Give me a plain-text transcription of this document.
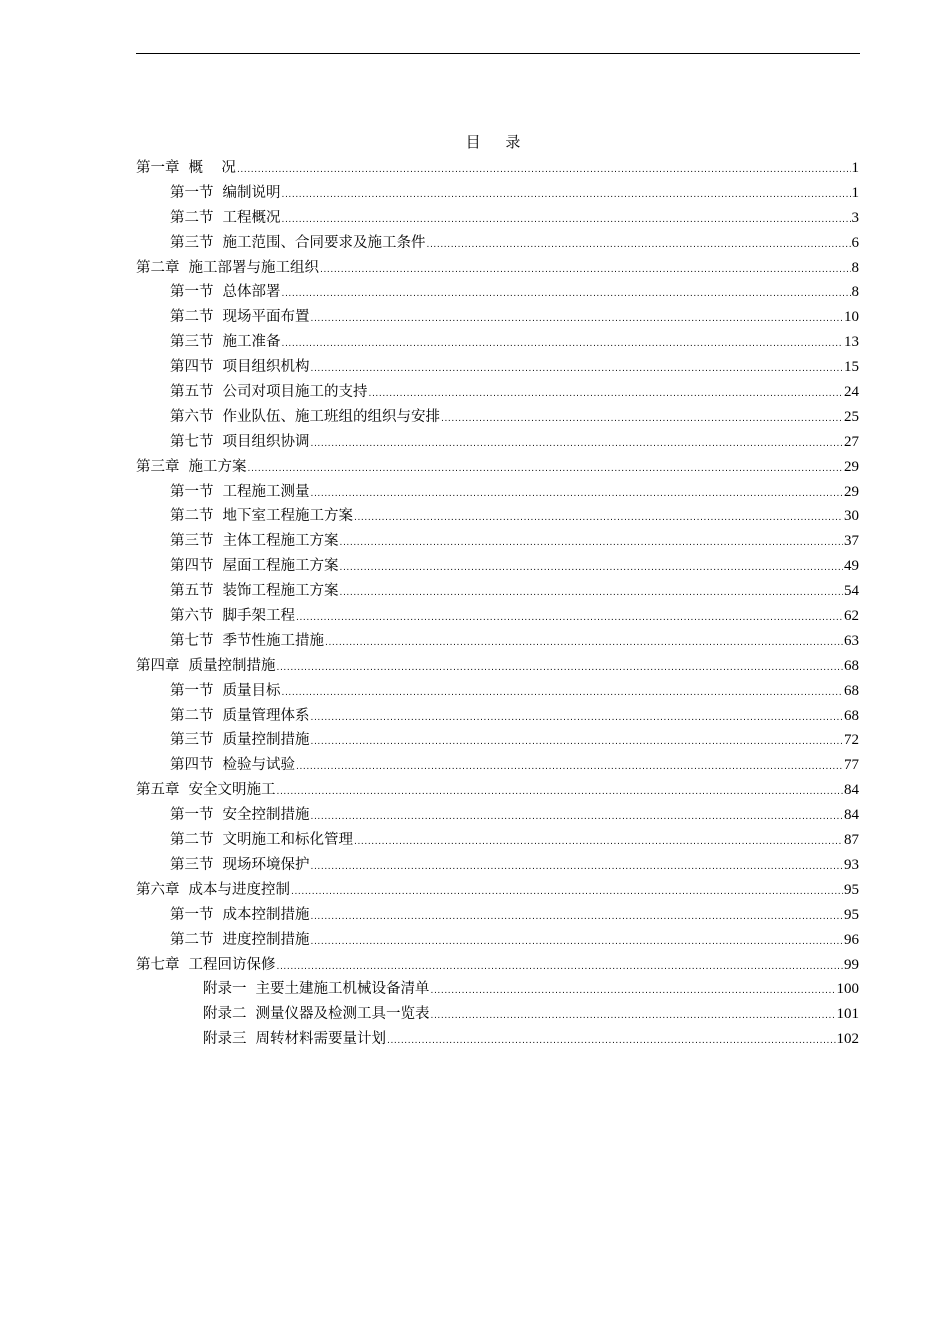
目 录
第一章 概    况 .....	1
第一节 编制说明 .....	1
第二节 工程概况 .....	3
第三节 施工范围、合同要求及施工条件 .....	6
第二章 施工部署与施工组织 .....	8
第一节 总体部署 .....	8
第二节 现场平面布置 .....	10
第三节 施工准备 .....	13
第四节 项目组织机构 .....	15
第五节 公司对项目施工的支持 .....	24
第六节 作业队伍、施工班组的组织与安排 .....	25
第七节 项目组织协调 .....	27
第三章 施工方案 .....	29
第一节 工程施工测量 .....	29
第二节 地下室工程施工方案 .....	30
第三节 主体工程施工方案 .....	37
第四节 屋面工程施工方案 .....	49
第五节 装饰工程施工方案 .....	54
第六节 脚手架工程 .....	62
第七节 季节性施工措施 .....	63
第四章 质量控制措施 .....	68
第一节 质量目标 .....	68
第二节 质量管理体系 .....	68
第三节 质量控制措施 .....	72
第四节 检验与试验 .....	77
第五章 安全文明施工 .....	84
第一节 安全控制措施 .....	84
第二节 文明施工和标化管理 .....	87
第三节 现场环境保护 .....	93
第六章 成本与进度控制 .....	95
第一节 成本控制措施 .....	95
第二节 进度控制措施 .....	96
第七章 工程回访保修 .....	99
附录一 主要土建施工机械设备清单 .....	100
附录二 测量仪器及检测工具一览表 .....	101
附录三 周转材料需要量计划 .....	102
